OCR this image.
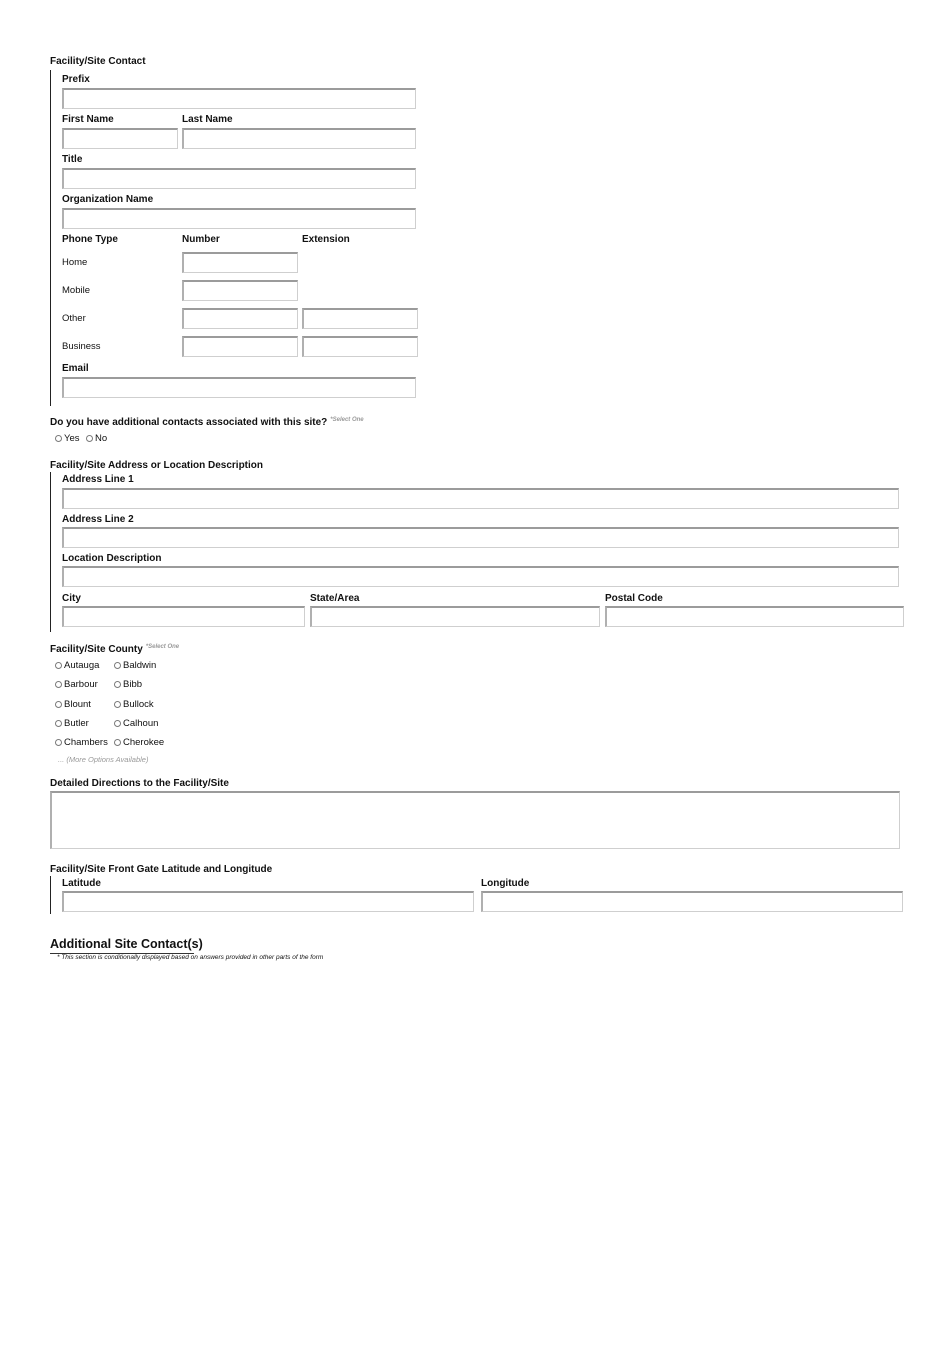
Facility/Site Contact
Prefix
First Name	Last Name
Title
Organization Name
Phone Type	Number	Extension
Home
Mobile
Other
Business
Email
Do you have additional contacts associated with this site? $^{*Select One}$
Yes No
Facility/Site Address or Location Description
Address Line 1
Address Line 2
Location Description
City	State/Area	Postal Code
Facility/Site County $^{*Select One}$
Autauga Baldwin
Barbour	Bibb
Blount	Bullock
Butler	Calhoun
Chambers Cherokee
... (More Options Available)
Detailed Directions to the Facility/Site
Facility/Site Front Gate Latitude and Longitude
Latitude	Longitude
Additional Site Contact(s)
* This section is conditionally displayed based on answers provided in other parts of the form
